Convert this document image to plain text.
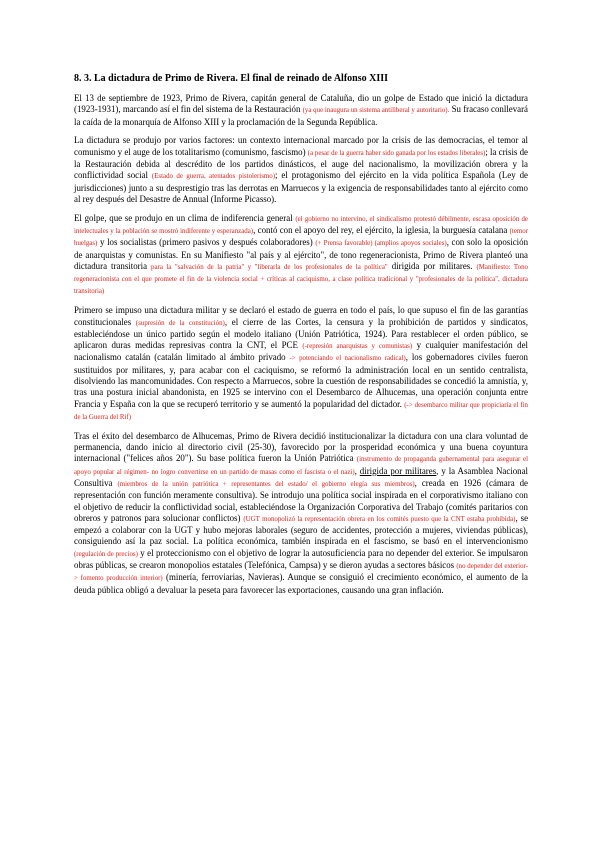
8. 3. La dictadura de Primo de Rivera. El final de reinado de Alfonso XIII

El 13 de septiembre de 1923, Primo de Rivera, capitán general de Cataluña, dio un golpe de Estado que inició la dictadura (1923-1931), marcando así el fin del sistema de la Restauración (ya que inaugura un sistema antiliberal y autoritario). Su fracaso conllevará la caída de la monarquía de Alfonso XIII y la proclamación de la Segunda República.

La dictadura se produjo por varios factores: un contexto internacional marcado por la crisis de las democracias, el temor al comunismo y el auge de los totalitarismo (comunismo, fascismo) (a pesar de la guerra haber sido ganada por los estados liberales); la crisis de la Restauración debida al descrédito de los partidos dinásticos, el auge del nacionalismo, la movilización obrera y la conflictividad social (Estado de guerra, atentados pistolerismo); el protagonismo del ejército en la vida política Española (Ley de jurisdicciones) junto a su desprestigio tras las derrotas en Marruecos y la exigencia de responsabilidades tanto al ejército como al rey después del Desastre de Annual (Informe Picasso).

El golpe, que se produjo en un clima de indiferencia general (el gobierno no intervino, el sindicalismo protestó débilmente, escasa oposición de intelectuales y la población se mostró indiferente y esperanzada), contó con el apoyo del rey, el ejército, la iglesia, la burguesía catalana (temor huelgas) y los socialistas (primero pasivos y después colaboradores) (+ Prensa favorable) (amplios apoyos sociales), con solo la oposición de anarquistas y comunistas. En su Manifiesto "al país y al ejército", de tono regeneracionista, Primo de Rivera planteó una dictadura transitoria para la "salvación de la patria" y "liberarla de los profesionales de la política" dirigida por militares. (Manifiesto: Tono regeneracionista con el que promete el fin de la violencia social + críticas al caciquismo, a clase política tradicional y "profesionales de la política", dictadura transitoria)

Primero se impuso una dictadura militar y se declaró el estado de guerra en todo el país, lo que supuso el fin de las garantías constitucionales (supresión de la constitución), el cierre de las Cortes, la censura y la prohibición de partidos y sindicatos, estableciéndose un único partido según el modelo italiano (Unión Patriótica, 1924). Para restablecer el orden público, se aplicaron duras medidas represivas contra la CNT, el PCE (-represión anarquistas y comunistas) y cualquier manifestación del nacionalismo catalán (catalán limitado al ámbito privado -> potenciando el nacionalismo radical), los gobernadores civiles fueron sustituidos por militares, y, para acabar con el caciquismo, se reformó la administración local en un sentido centralista, disolviendo las mancomunidades. Con respecto a Marruecos, sobre la cuestión de responsabilidades se concedió la amnistía, y, tras una postura inicial abandonista, en 1925 se intervino con el Desembarco de Alhucemas, una operación conjunta entre Francia y España con la que se recuperó territorio y se aumentó la popularidad del dictador. (-> desembarco militar que propiciaría el fin de la Guerra del Rif)

Tras el éxito del desembarco de Alhucemas, Primo de Rivera decidió institucionalizar la dictadura con una clara voluntad de permanencia, dando inicio al directorio civil (25-30), favorecido por la prosperidad económica y una buena coyuntura internacional ("felices años 20"). Su base política fueron la Unión Patriótica (instrumento de propaganda gubernamental para asegurar el apoyo popular al régimen- no logro convertirse en un partido de masas como el fascista o el nazi), dirigida por militares, y la Asamblea Nacional Consultiva (miembros de la unión patriótica + representantes del estado/ el gobierno elegía sus miembros), creada en 1926 (cámara de representación con función meramente consultiva). Se introdujo una política social inspirada en el corporativismo italiano con el objetivo de reducir la conflictividad social, estableciéndose la Organización Corporativa del Trabajo (comités paritarios con obreros y patronos para solucionar conflictos) (UGT monopolizó la representación obrera en los comités puesto que la CNT estaba prohibida), se empezó a colaborar con la UGT y hubo mejoras laborales (seguro de accidentes, protección a mujeres, viviendas públicas), consiguiendo así la paz social. La política económica, también inspirada en el fascismo, se basó en el intervencionismo (regulación de precios) y el proteccionismo con el objetivo de lograr la autosuficiencia para no depender del exterior. Se impulsaron obras públicas, se crearon monopolios estatales (Telefónica, Campsa) y se dieron ayudas a sectores básicos (no depender del exterior-> fomento producción interior) (minería, ferroviarias, Navieras). Aunque se consiguió el crecimiento económico, el aumento de la deuda pública obligó a devaluar la peseta para favorecer las exportaciones, causando una gran inflación.
